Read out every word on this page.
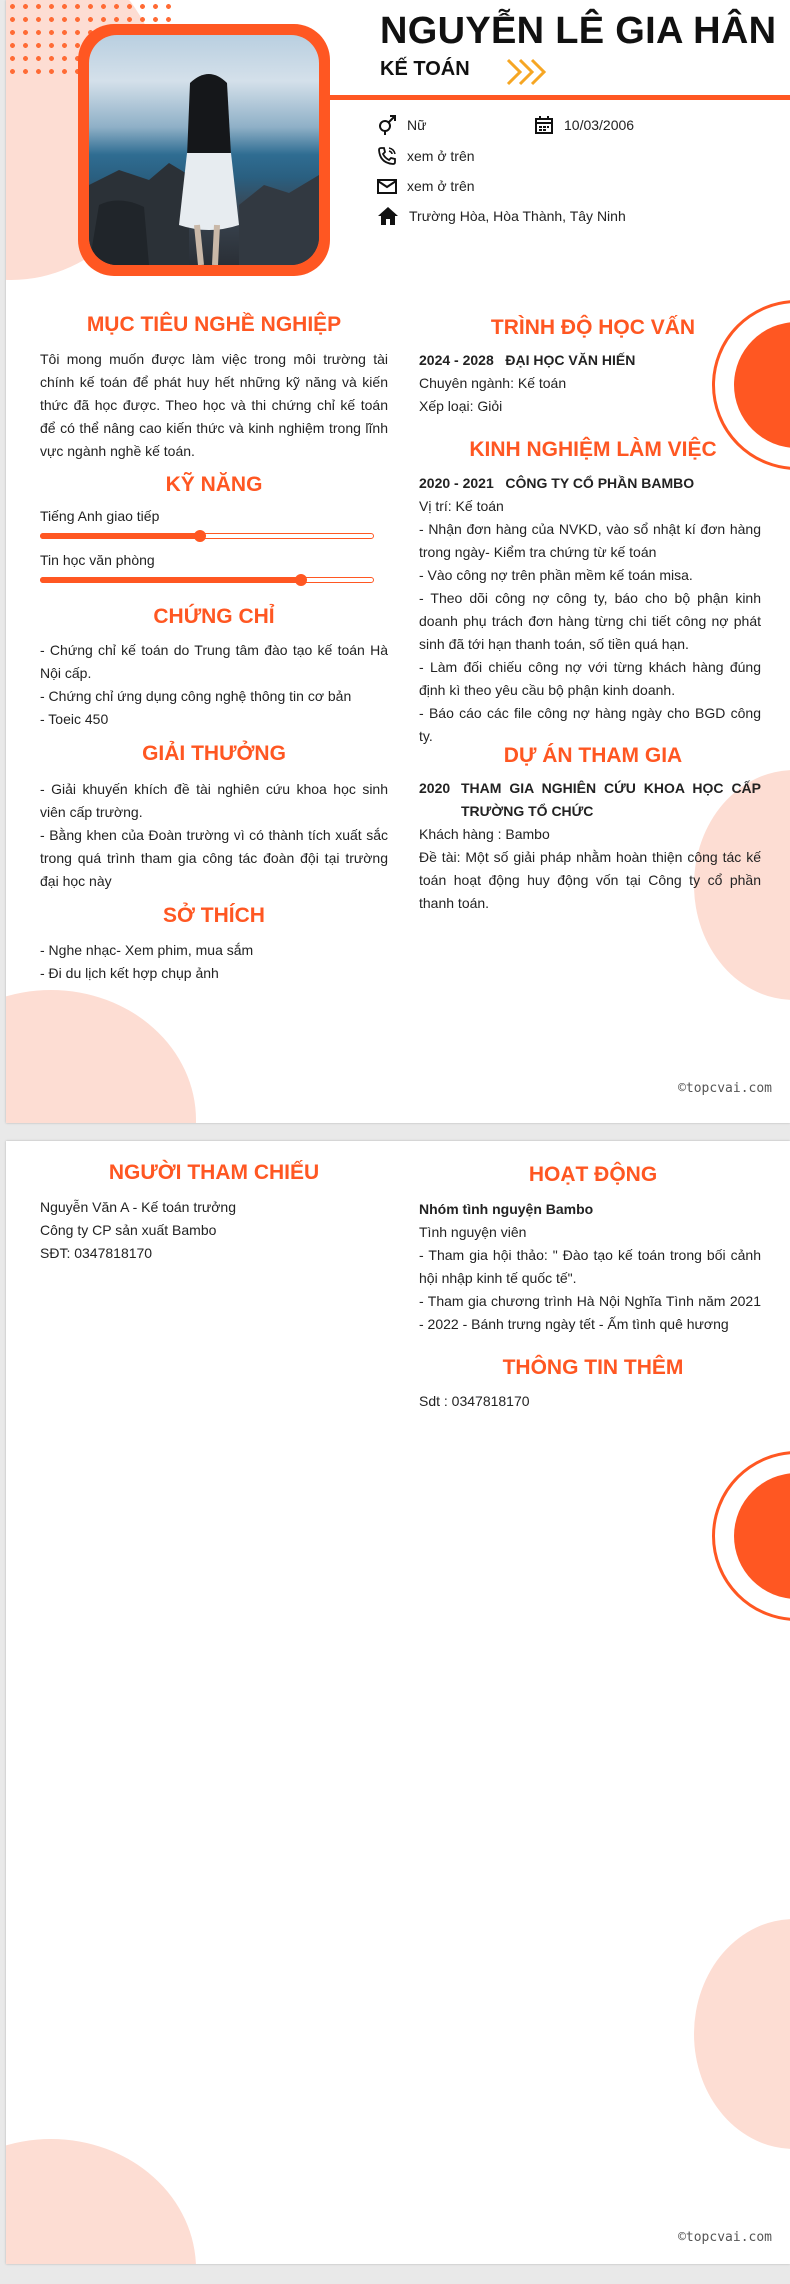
NGUYỄN LÊ GIA HÂN
KẾ TOÁN
Nữ	10/03/2006
xem ở trên
xem ở trên
Trường Hòa, Hòa Thành, Tây Ninh
MỤC TIÊU NGHỀ NGHIỆP
Tôi mong muốn được làm việc trong môi trường tài chính kế toán để phát huy hết những kỹ năng và kiến thức đã học được. Theo học và thi chứng chỉ kế toán để có thể nâng cao kiến thức và kinh nghiệm trong lĩnh vực ngành nghề kế toán.
KỸ NĂNG
Tiếng Anh giao tiếp
Tin học văn phòng
CHỨNG CHỈ

- Chứng chỉ kế toán do Trung tâm đào tạo kế toán Hà Nội cấp.

- Chứng chỉ ứng dụng công nghệ thông tin cơ bản

- Toeic 450

GIẢI THƯỞNG

- Giải khuyến khích đề tài nghiên cứu khoa học sinh viên cấp trường.

- Bằng khen của Đoàn trường vì có thành tích xuất sắc trong quá trình tham gia công tác đoàn đội tại trường đại học này

SỞ THÍCH

- Nghe nhạc- Xem phim, mua sắm

- Đi du lịch kết hợp chụp ảnh

TRÌNH ĐỘ HỌC VẤN

2024 - 2028 ĐẠI HỌC VĂN HIẾN

Chuyên ngành: Kế toán

Xếp loại: Giỏi

KINH NGHIỆM LÀM VIỆC

2020 - 2021 CÔNG TY CỔ PHẦN BAMBO

Vị trí: Kế toán

- Nhận đơn hàng của NVKD, vào sổ nhật kí đơn hàng trong ngày- Kiểm tra chứng từ kế toán

- Vào công nợ trên phần mềm kế toán misa.

- Theo dõi công nợ công ty, báo cho bộ phận kinh doanh phụ trách đơn hàng từng chi tiết công nợ phát sinh đã tới hạn thanh toán, số tiền quá hạn.

- Làm đối chiếu công nợ với từng khách hàng đúng định kì theo yêu cầu bộ phận kinh doanh.

- Báo cáo các file công nợ hàng ngày cho BGD công ty.

DỰ ÁN THAM GIA
2020 THAM GIA NGHIÊN CỨU KHOA HỌC CẤP TRƯỜNG TỔ CHỨC

Khách hàng : Bambo

Đề tài: Một số giải pháp nhằm hoàn thiện công tác kế toán hoạt động huy động vốn tại Công ty cổ phần thanh toán.

©topcvai.com
NGƯỜI THAM CHIẾU

Nguyễn Văn A - Kế toán trưởng

Công ty CP sản xuất Bambo

SĐT: 0347818170

HOẠT ĐỘNG

Nhóm tình nguyện Bambo

Tình nguyện viên

- Tham gia hội thảo: " Đào tạo kế toán trong bối cảnh hội nhập kinh tế quốc tế".

- Tham gia chương trình Hà Nội Nghĩa Tình năm 2021 - 2022 - Bánh trưng ngày tết - Ấm tình quê hương

THÔNG TIN THÊM
Sdt : 0347818170
©topcvai.com
